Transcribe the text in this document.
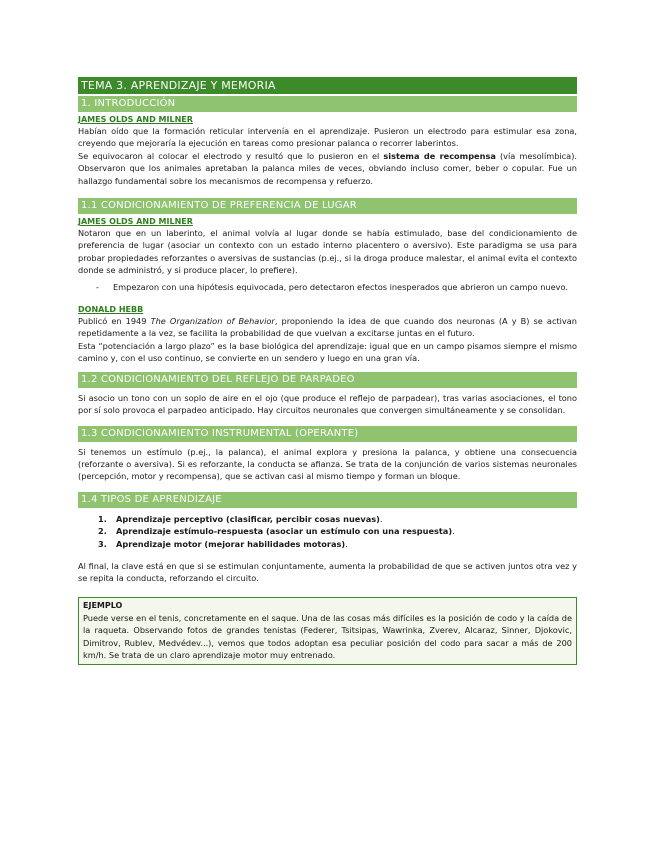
TEMA 3. APRENDIZAJE Y MEMORIA
1. INTRODUCCIÓN
JAMES OLDS AND MILNER

Habían oído que la formación reticular intervenía en el aprendizaje. Pusieron un electrodo para estimular esa zona, creyendo que mejoraría la ejecución en tareas como presionar palanca o recorrer laberintos.

Se equivocaron al colocar el electrodo y resultó que lo pusieron en el sistema de recompensa (vía mesolímbica). Observaron que los animales apretaban la palanca miles de veces, obviando incluso comer, beber o copular. Fue un hallazgo fundamental sobre los mecanismos de recompensa y refuerzo.

1.1 CONDICIONAMIENTO DE PREFERENCIA DE LUGAR
JAMES OLDS AND MILNER

Notaron que en un laberinto, el animal volvía al lugar donde se había estimulado, base del condicionamiento de preferencia de lugar (asociar un contexto con un estado interno placentero o aversivo). Este paradigma se usa para probar propiedades reforzantes o aversivas de sustancias (p.ej., si la droga produce malestar, el animal evita el contexto donde se administró, y si produce placer, lo prefiere).

-	Empezaron con una hipótesis equivocada, pero detectaron efectos inesperados que abrieron un campo nuevo.
DONALD HEBB

Publicó en 1949 The Organization of Behavior, proponiendo la idea de que cuando dos neuronas (A y B) se activan repetidamente a la vez, se facilita la probabilidad de que vuelvan a excitarse juntas en el futuro.

Esta “potenciación a largo plazo” es la base biológica del aprendizaje: igual que en un campo pisamos siempre el mismo camino y, con el uso continuo, se convierte en un sendero y luego en una gran vía.

1.2 CONDICIONAMIENTO DEL REFLEJO DE PARPADEO

Si asocio un tono con un soplo de aire en el ojo (que produce el reflejo de parpadear), tras varias asociaciones, el tono por sí solo provoca el parpadeo anticipado. Hay circuitos neuronales que convergen simultáneamente y se consolidan.

1.3 CONDICIONAMIENTO INSTRUMENTAL (OPERANTE)

Si tenemos un estímulo (p.ej., la palanca), el animal explora y presiona la palanca, y obtiene una consecuencia (reforzante o aversiva). Si es reforzante, la conducta se afianza. Se trata de la conjunción de varios sistemas neuronales (percepción, motor y recompensa), que se activan casi al mismo tiempo y forman un bloque.

1.4 TIPOS DE APRENDIZAJE
1.	Aprendizaje perceptivo (clasificar, percibir cosas nuevas).
2.	Aprendizaje estímulo-respuesta (asociar un estímulo con una respuesta).
3.	Aprendizaje motor (mejorar habilidades motoras).

Al final, la clave está en que si se estimulan conjuntamente, aumenta la probabilidad de que se activen juntos otra vez y se repita la conducta, reforzando el circuito.

EJEMPLO

Puede verse en el tenis, concretamente en el saque. Una de las cosas más difíciles es la posición de codo y la caída de la raqueta. Observando fotos de grandes tenistas (Federer, Tsitsipas, Wawrinka, Zverev, Alcaraz, Sinner, Djokovic, Dimitrov, Rublev, Medvédev...), vemos que todos adoptan esa peculiar posición del codo para sacar a más de 200 km/h. Se trata de un claro aprendizaje motor muy entrenado.
